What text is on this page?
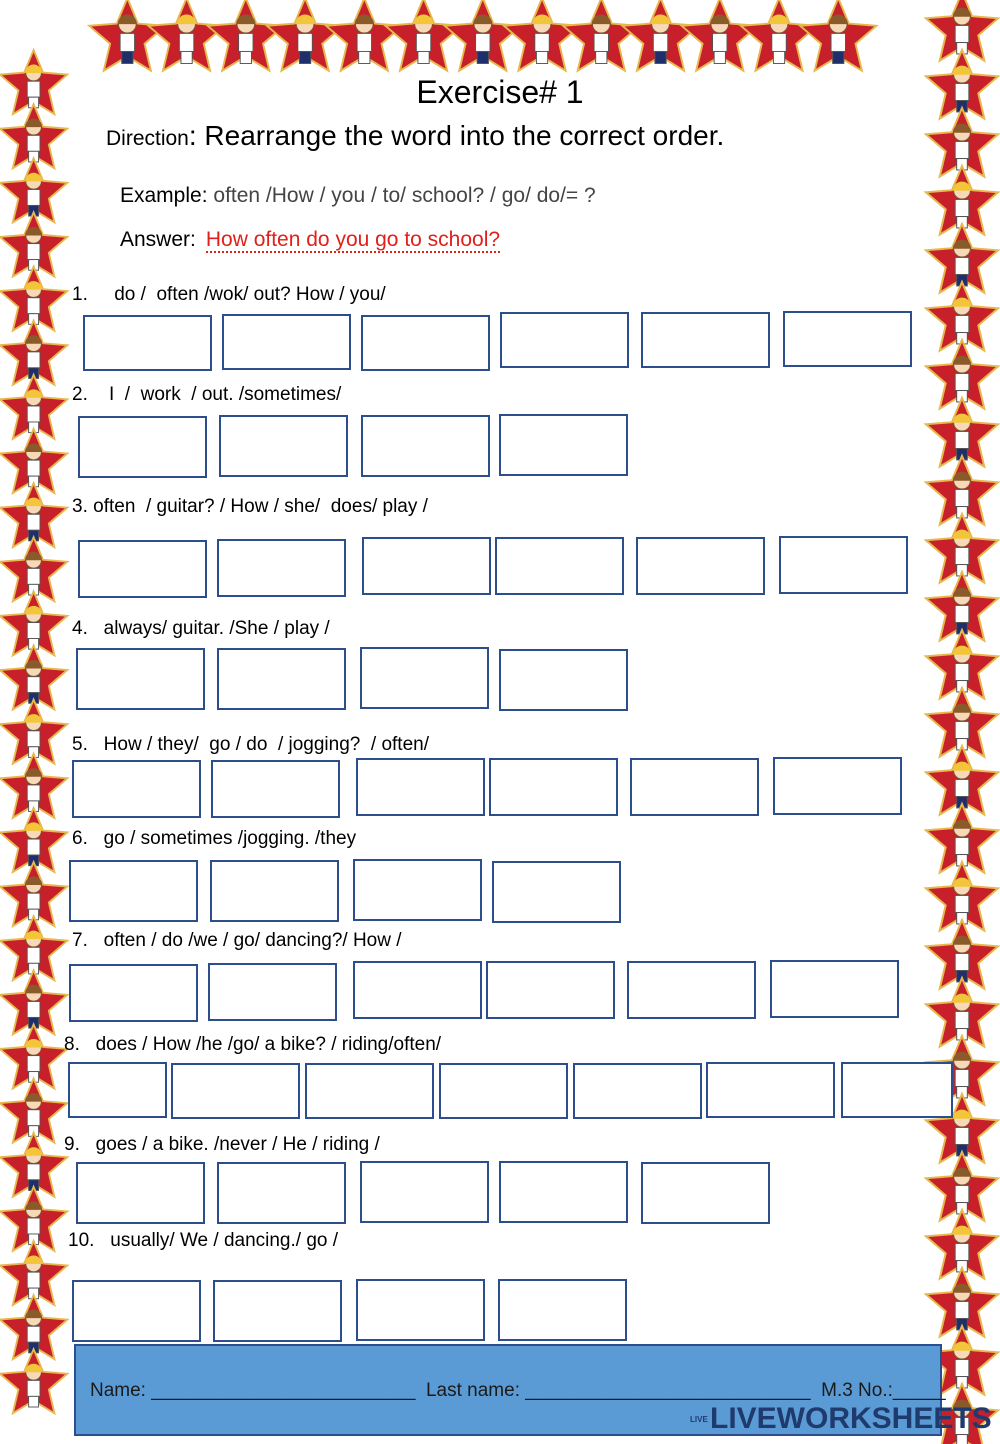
Exercise# 1
Direction: Rearrange the word into the correct order.
Example: often /How / you / to/ school? / go/ do/= ?
Answer: How often do you go to school?
1.     do /  often /wok/ out? How / you/
2.    I  /  work  / out. /sometimes/
3. often  / guitar? / How / she/  does/ play /
4.   always/ guitar. /She / play /
5.   How / they/  go / do  / jogging?  / often/
6.   go / sometimes /jogging. /they
7.   often / do /we / go/ dancing?/ How /
8.   does / How /he /go/ a bike? / riding/often/
9.   goes / a bike. /never / He / riding /
10.   usually/ We / dancing./ go /
Name: _________________________  Last name: ___________________________  M.3 No.:_____
LIVELIVEWORKSHEETS
